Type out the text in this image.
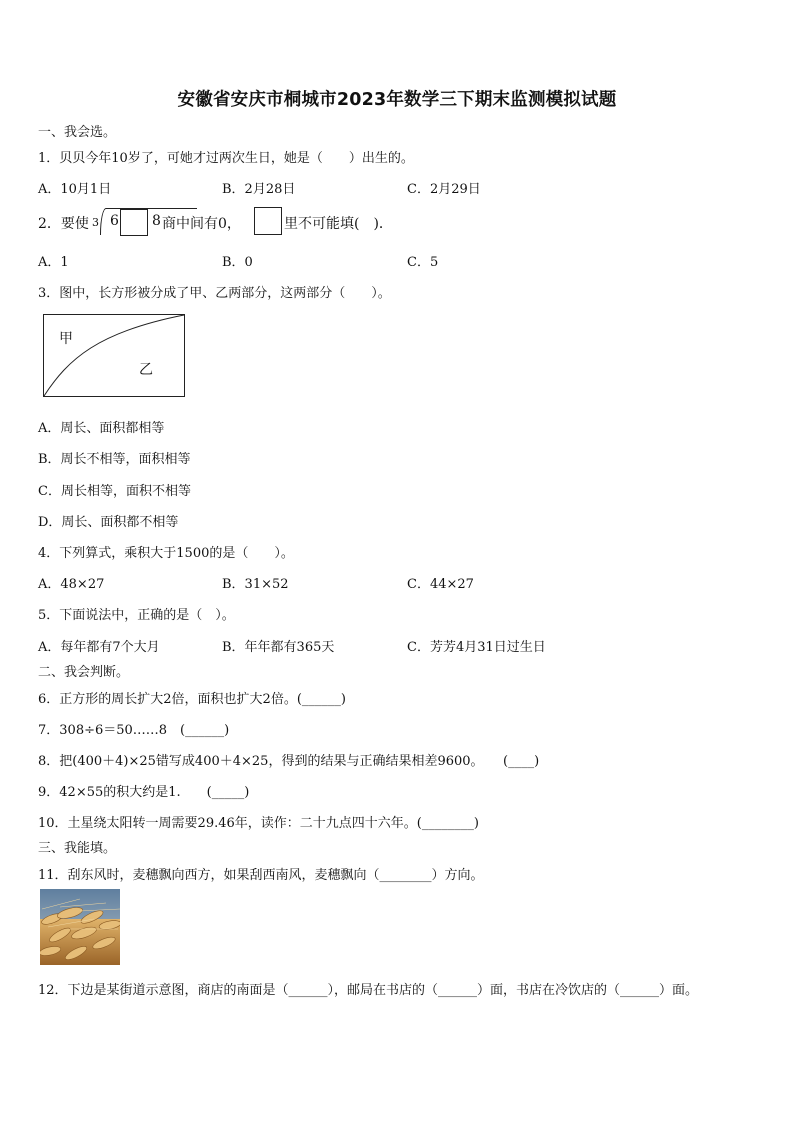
安徽省安庆市桐城市2023年数学三下期末监测模拟试题
一、我会选。
1．贝贝今年10岁了，可她才过两次生日，她是（　　）出生的。
A．10月1日	B．2月28日	C．2月29日
2．要使 3 6 8 商中间有0，	里不可能填(　)．
A．1	B．0	C．5
3．图中，长方形被分成了甲、乙两部分，这两部分（　　）。
甲
乙
A．周长、面积都相等
B．周长不相等，面积相等
C．周长相等，面积不相等
D．周长、面积都不相等
4．下列算式，乘积大于1500的是（　　）。
A．48×27	B．31×52	C．44×27
5．下面说法中，正确的是（　）。
A．每年都有7个大月	B．年年都有365天	C．芳芳4月31日过生日
二、我会判断。
6．正方形的周长扩大2倍，面积也扩大2倍。(______)
7．308÷6＝50……8　(______)
8．把(400＋4)×25错写成400＋4×25，得到的结果与正确结果相差9600。　　(____)
9．42×55的积大约是1.　　(_____)
10．土星绕太阳转一周需要29.46年，读作：二十九点四十六年。(________)
三、我能填。
11．刮东风时，麦穗飘向西方，如果刮西南风，麦穗飘向（________）方向。
12．下边是某街道示意图，商店的南面是（______），邮局在书店的（______）面，书店在冷饮店的（______）面。
